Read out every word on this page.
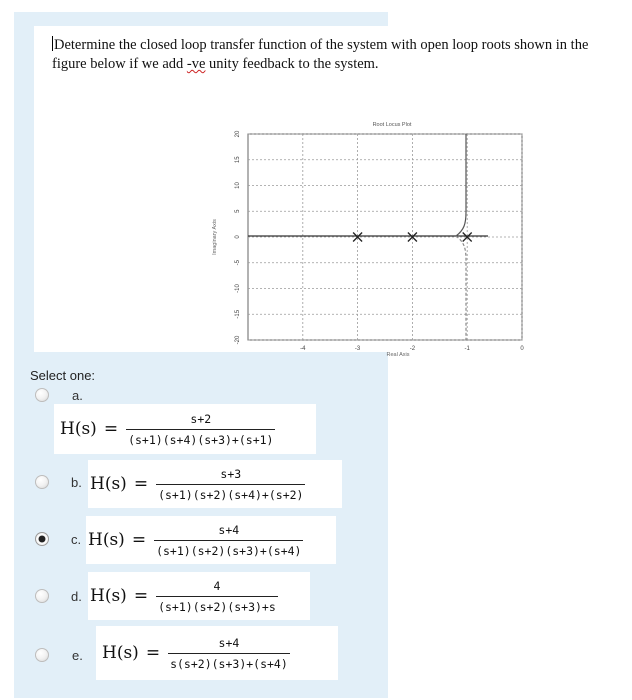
Determine the closed loop transfer function of the system with open loop roots shown in the
figure below if we add -ve unity feedback to the system.
Root Locus Plot
-4	-3	-2	-1	0
20
15
10
5
0
-5
-10
-15
-20
Imaginary Axis
Real Axis
Select one:
a.
$H(s) = \frac{s+2}{(s+1)(s+4)(s+3)+(s+1)}$
b. $H(s) = \frac{s+3}{(s+1)(s+2)(s+4)+(s+2)}$
c. $H(s) = \frac{s+4}{(s+1)(s+2)(s+3)+(s+4)}$
d. $H(s) = \frac{4}{(s+1)(s+2)(s+3)+s}$
e. $H(s) = \frac{s+4}{s(s+2)(s+3)+(s+4)}$
